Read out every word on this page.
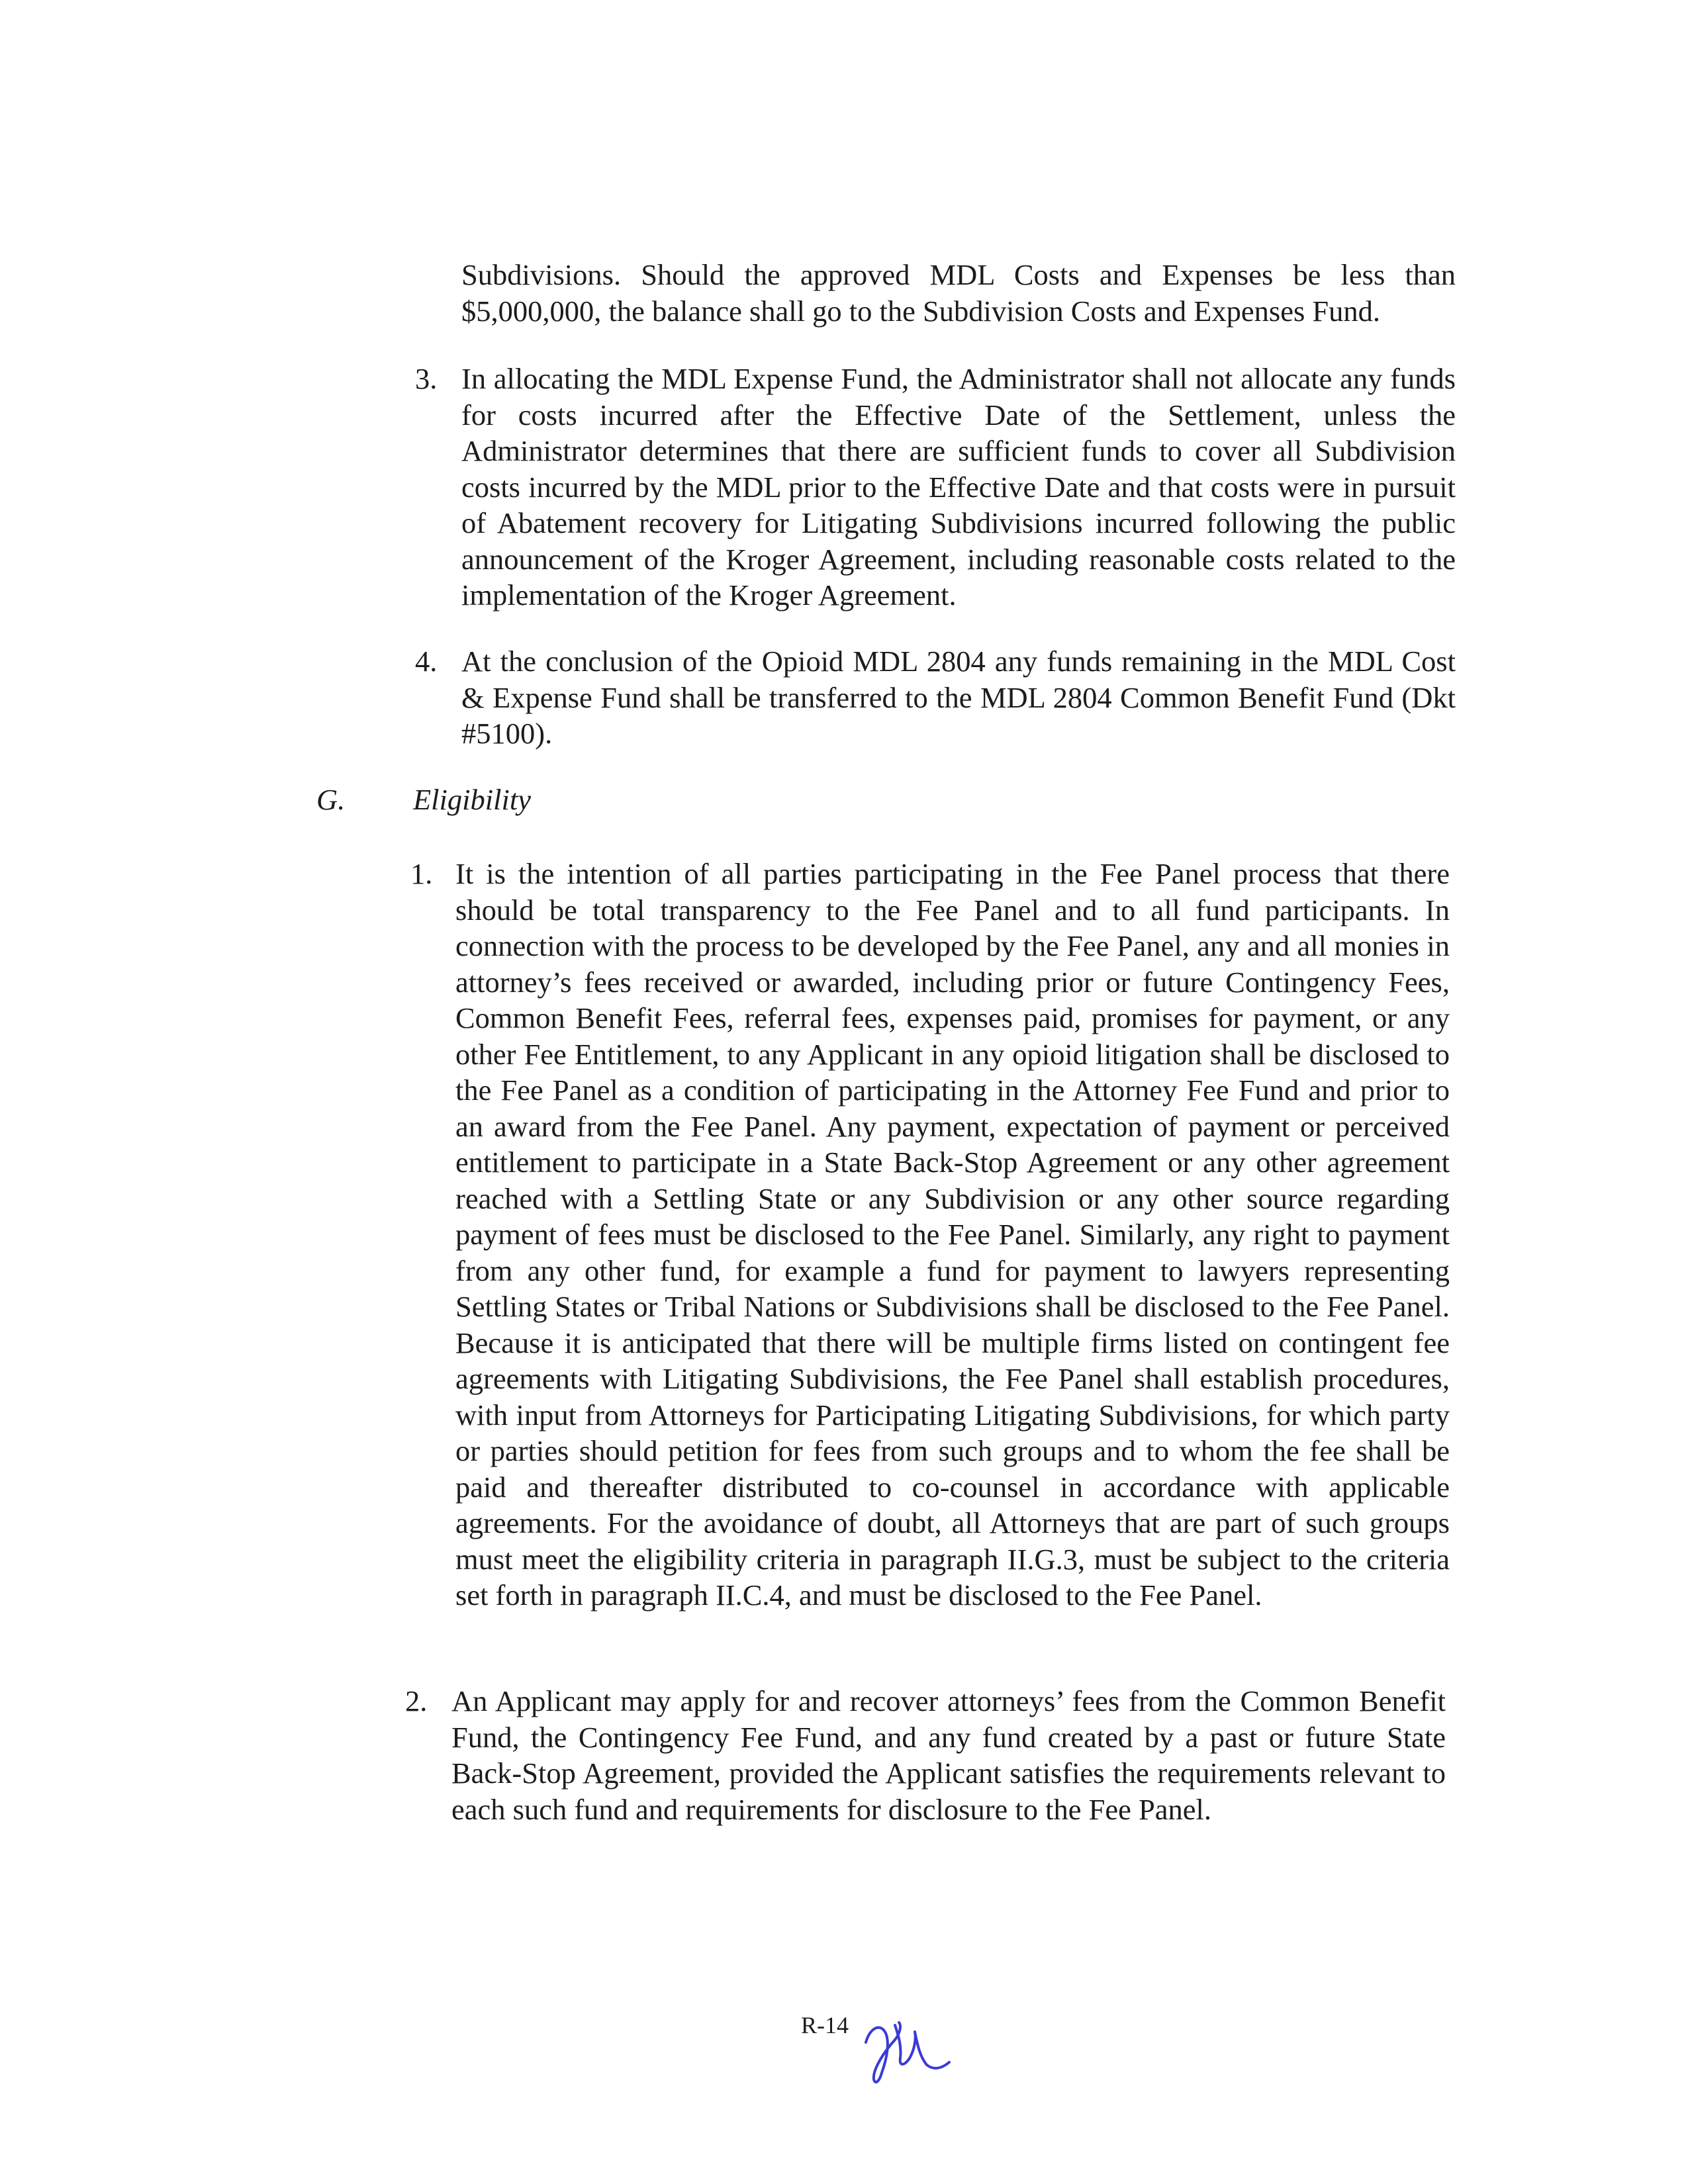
Subdivisions. Should the approved MDL Costs and Expenses be less than $5,000,000, the balance shall go to the Subdivision Costs and Expenses Fund.

3. In allocating the MDL Expense Fund, the Administrator shall not allocate any funds for costs incurred after the Effective Date of the Settlement, unless the Administrator determines that there are sufficient funds to cover all Subdivision costs incurred by the MDL prior to the Effective Date and that costs were in pursuit of Abatement recovery for Litigating Subdivisions incurred following the public announcement of the Kroger Agreement, including reasonable costs related to the implementation of the Kroger Agreement.

4. At the conclusion of the Opioid MDL 2804 any funds remaining in the MDL Cost & Expense Fund shall be transferred to the MDL 2804 Common Benefit Fund (Dkt #5100).

G. Eligibility
1. It is the intention of all parties participating in the Fee Panel process that there should be total transparency to the Fee Panel and to all fund participants. In connection with the process to be developed by the Fee Panel, any and all monies in attorney’s fees received or awarded, including prior or future Contingency Fees, Common Benefit Fees, referral fees, expenses paid, promises for payment, or any other Fee Entitlement, to any Applicant in any opioid litigation shall be disclosed to the Fee Panel as a condition of participating in the Attorney Fee Fund and prior to an award from the Fee Panel. Any payment, expectation of payment or perceived entitlement to participate in a State Back-Stop Agreement or any other agreement reached with a Settling State or any Subdivision or any other source regarding payment of fees must be disclosed to the Fee Panel. Similarly, any right to payment from any other fund, for example a fund for payment to lawyers representing Settling States or Tribal Nations or Subdivisions shall be disclosed to the Fee Panel. Because it is anticipated that there will be multiple firms listed on contingent fee agreements with Litigating Subdivisions, the Fee Panel shall establish procedures, with input from Attorneys for Participating Litigating Subdivisions, for which party or parties should petition for fees from such groups and to whom the fee shall be paid and thereafter distributed to co-counsel in accordance with applicable agreements. For the avoidance of doubt, all Attorneys that are part of such groups must meet the eligibility criteria in paragraph II.G.3, must be subject to the criteria set forth in paragraph II.C.4, and must be disclosed to the Fee Panel.

2. An Applicant may apply for and recover attorneys’ fees from the Common Benefit Fund, the Contingency Fee Fund, and any fund created by a past or future State Back-Stop Agreement, provided the Applicant satisfies the requirements relevant to each such fund and requirements for disclosure to the Fee Panel.

R-14
